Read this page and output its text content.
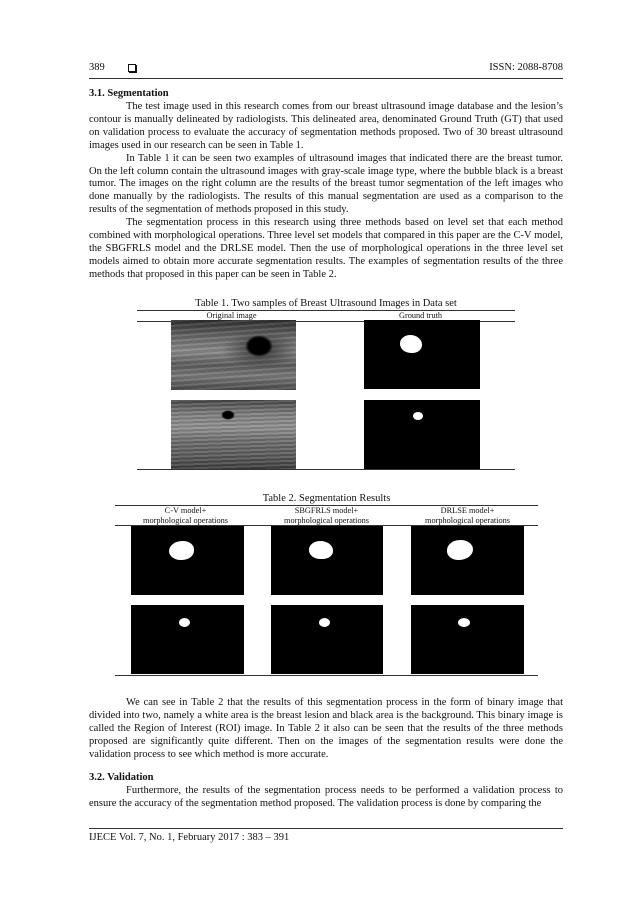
389	ISSN: 2088-8708
3.1. Segmentation

The test image used in this research comes from our breast ultrasound image database and the lesion’s contour is manually delineated by radiologists. This delineated area, denominated Ground Truth (GT) that used on validation process to evaluate the accuracy of segmentation methods proposed. Two of 30 breast ultrasound images used in our research can be seen in Table 1.

In Table 1 it can be seen two examples of ultrasound images that indicated there are the breast tumor. On the left column contain the ultrasound images with gray-scale image type, where the bubble black is a breast tumor. The images on the right column are the results of the breast tumor segmentation of the left images who done manually by the radiologists. The results of this manual segmentation are used as a comparison to the results of the segmentation of methods proposed in this study.

The segmentation process in this research using three methods based on level set that each method combined with morphological operations. Three level set models that compared in this paper are the C-V model, the SBGFRLS model and the DRLSE model. Then the use of morphological operations in the three level set models aimed to obtain more accurate segmentation results. The examples of segmentation results of the three methods that proposed in this paper can be seen in Table 2.

Table 1. Two samples of Breast Ultrasound Images in Data set
Original image	Ground truth
Table 2. Segmentation Results
C-V model+
morphological operations
SBGFRLS model+
morphological operations
DRLSE model+
morphological operations

We can see in Table 2 that the results of this segmentation process in the form of binary image that divided into two, namely a white area is the breast lesion and black area is the background. This binary image is called the Region of Interest (ROI) image. In Table 2 it also can be seen that the results of the three methods proposed are significantly quite different. Then on the images of the segmentation results were done the validation process to see which method is more accurate.

3.2. Validation

Furthermore, the results of the segmentation process needs to be performed a validation process to ensure the accuracy of the segmentation method proposed. The validation process is done by comparing the

IJECE Vol. 7, No. 1, February 2017 : 383 – 391
